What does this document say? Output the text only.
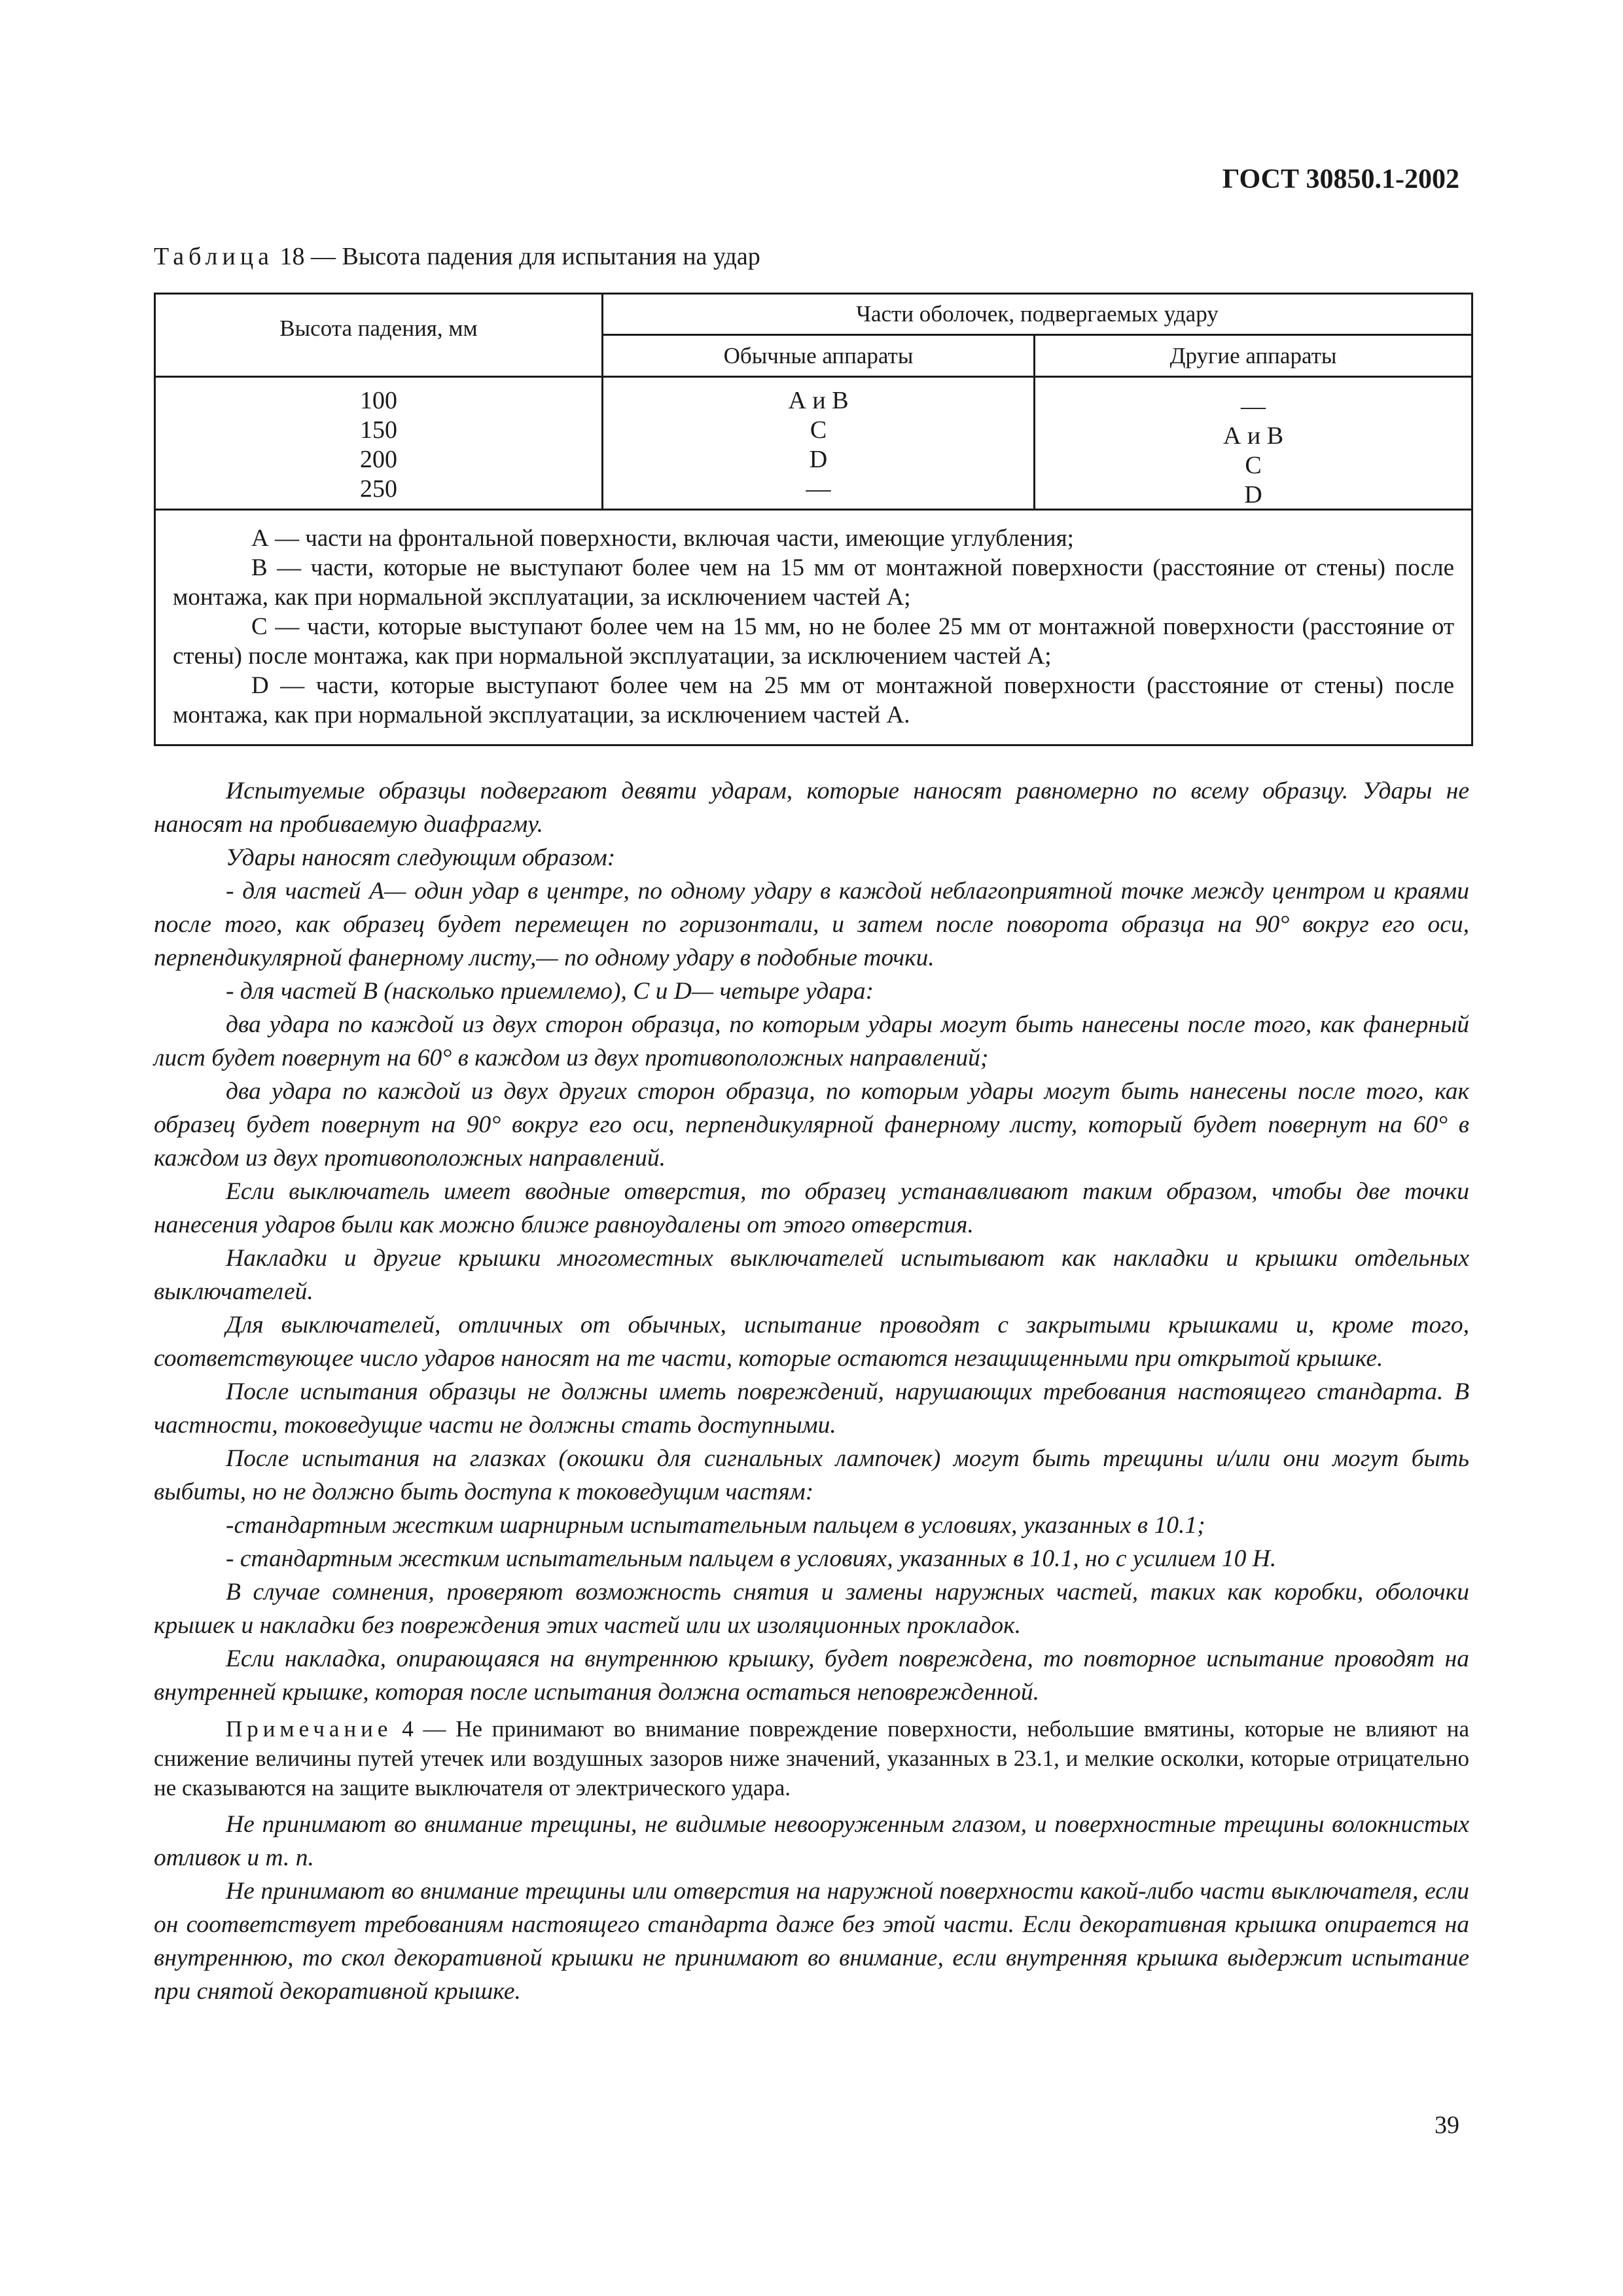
ГОСТ 30850.1-2002
Таблица 18 — Высота падения для испытания на удар
Высота падения, мм
Части оболочек, подвергаемых удару
Обычные аппараты	Другие аппараты
100
150
200
250
А и В
С
D
—
—
А и В
С
D

А — части на фронтальной поверхности, включая части, имеющие углубления;

В — части, которые не выступают более чем на 15 мм от монтажной поверхности (расстояние от стены) после монтажа, как при нормальной эксплуатации, за исключением частей А;

С — части, которые выступают более чем на 15 мм, но не более 25 мм от монтажной поверхности (расстояние от стены) после монтажа, как при нормальной эксплуатации, за исключением частей А;

D — части, которые выступают более чем на 25 мм от монтажной поверхности (расстояние от стены) после монтажа, как при нормальной эксплуатации, за исключением частей А.

Испытуемые образцы подвергают девяти ударам, которые наносят равномерно по всему образцу. Удары не наносят на пробиваемую диафрагму.

Удары наносят следующим образом:

- для частей А— один удар в центре, по одному удару в каждой неблагоприятной точке между центром и краями после того, как образец будет перемещен по горизонтали, и затем после поворота образца на 90° вокруг его оси, перпендикулярной фанерному листу,— по одному удару в подобные точки.

- для частей В (насколько приемлемо), С и D— четыре удара:

два удара по каждой из двух сторон образца, по которым удары могут быть нанесены после того, как фанерный лист будет повернут на 60° в каждом из двух противоположных направлений;

два удара по каждой из двух других сторон образца, по которым удары могут быть нанесены после того, как образец будет повернут на 90° вокруг его оси, перпендикулярной фанерному листу, который будет повернут на 60° в каждом из двух противоположных направлений.

Если выключатель имеет вводные отверстия, то образец устанавливают таким образом, чтобы две точки нанесения ударов были как можно ближе равноудалены от этого отверстия.

Накладки и другие крышки многоместных выключателей испытывают как накладки и крышки отдельных выключателей.

Для выключателей, отличных от обычных, испытание проводят с закрытыми крышками и, кроме того, соответствующее число ударов наносят на те части, которые остаются незащищенными при открытой крышке.

После испытания образцы не должны иметь повреждений, нарушающих требования настоящего стандарта. В частности, токоведущие части не должны стать доступными.

После испытания на глазках (окошки для сигнальных лампочек) могут быть трещины и/или они могут быть выбиты, но не должно быть доступа к токоведущим частям:

-стандартным жестким шарнирным испытательным пальцем в условиях, указанных в 10.1;

- стандартным жестким испытательным пальцем в условиях, указанных в 10.1, но с усилием 10 Н.

В случае сомнения, проверяют возможность снятия и замены наружных частей, таких как коробки, оболочки крышек и накладки без повреждения этих частей или их изоляционных прокладок.

Если накладка, опирающаяся на внутреннюю крышку, будет повреждена, то повторное испытание проводят на внутренней крышке, которая после испытания должна остаться неповрежденной.

Примечание 4 — Не принимают во внимание повреждение поверхности, небольшие вмятины, которые не влияют на снижение величины путей утечек или воздушных зазоров ниже значений, указанных в 23.1, и мелкие осколки, которые отрицательно не сказываются на защите выключателя от электрического удара.

Не принимают во внимание трещины, не видимые невооруженным глазом, и поверхностные трещины волокнистых отливок и т. п.

Не принимают во внимание трещины или отверстия на наружной поверхности какой-либо части выключателя, если он соответствует требованиям настоящего стандарта даже без этой части. Если декоративная крышка опирается на внутреннюю, то скол декоративной крышки не принимают во внимание, если внутренняя крышка выдержит испытание при снятой декоративной крышке.

39
